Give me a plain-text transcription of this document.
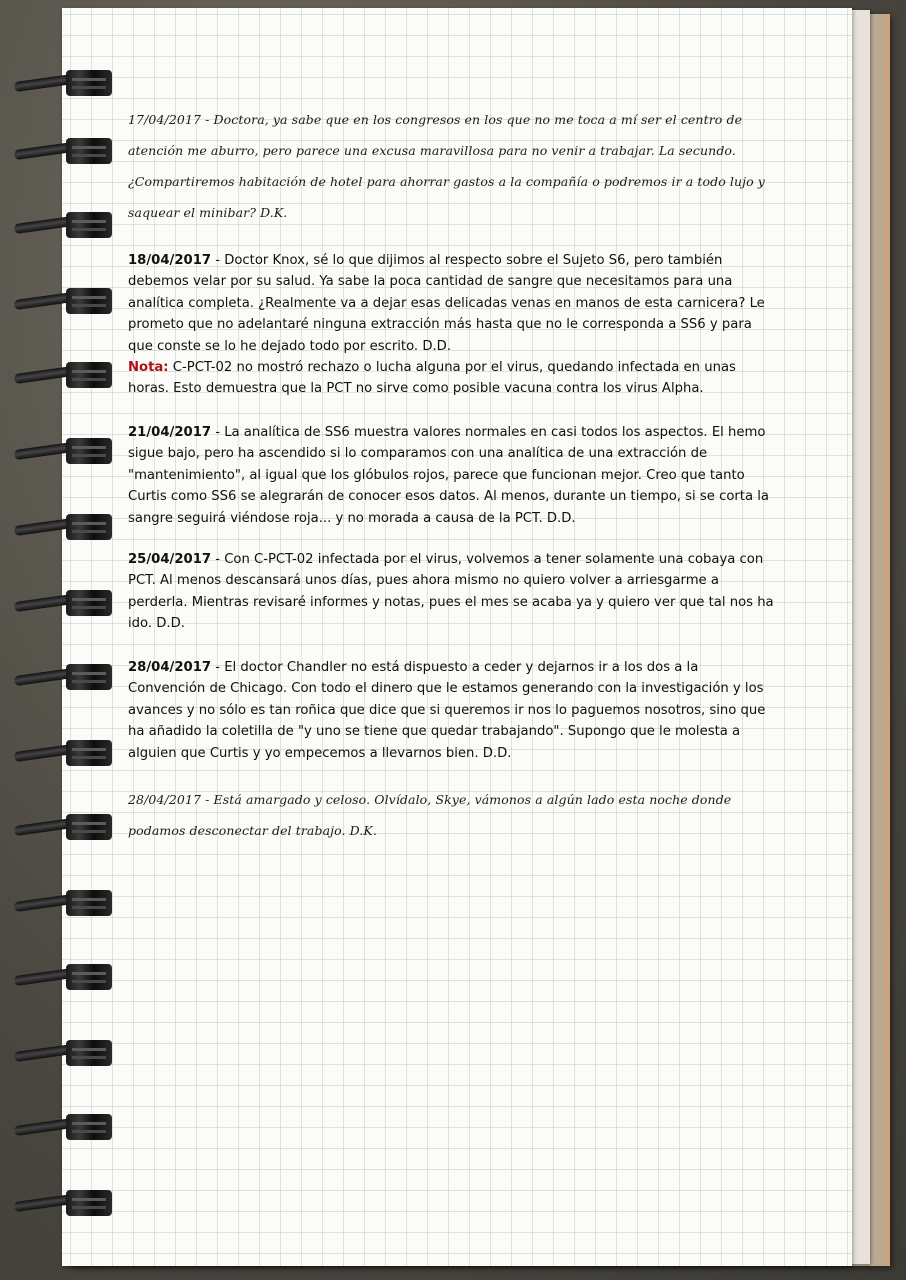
17/04/2017 - Doctora, ya sabe que en los congresos en los que no me toca a mí ser el centro de atención me aburro, pero parece una excusa maravillosa para no venir a trabajar. La secundo. ¿Compartiremos habitación de hotel para ahorrar gastos a la compañía o podremos ir a todo lujo y saquear el minibar? D.K.

18/04/2017 - Doctor Knox, sé lo que dijimos al respecto sobre el Sujeto S6, pero también debemos velar por su salud. Ya sabe la poca cantidad de sangre que necesitamos para una analítica completa. ¿Realmente va a dejar esas delicadas venas en manos de esta carnicera? Le prometo que no adelantaré ninguna extracción más hasta que no le corresponda a SS6 y para que conste se lo he dejado todo por escrito. D.D.
Nota: C-PCT-02 no mostró rechazo o lucha alguna por el virus, quedando infectada en unas horas. Esto demuestra que la PCT no sirve como posible vacuna contra los virus Alpha.

21/04/2017 - La analítica de SS6 muestra valores normales en casi todos los aspectos. El hemo sigue bajo, pero ha ascendido si lo comparamos con una analítica de una extracción de "mantenimiento", al igual que los glóbulos rojos, parece que funcionan mejor. Creo que tanto Curtis como SS6 se alegrarán de conocer esos datos. Al menos, durante un tiempo, si se corta la sangre seguirá viéndose roja... y no morada a causa de la PCT. D.D.

25/04/2017 - Con C-PCT-02 infectada por el virus, volvemos a tener solamente una cobaya con PCT. Al menos descansará unos días, pues ahora mismo no quiero volver a arriesgarme a perderla. Mientras revisaré informes y notas, pues el mes se acaba ya y quiero ver que tal nos ha ido. D.D.

28/04/2017 - El doctor Chandler no está dispuesto a ceder y dejarnos ir a los dos a la Convención de Chicago. Con todo el dinero que le estamos generando con la investigación y los avances y no sólo es tan roñica que dice que si queremos ir nos lo paguemos nosotros, sino que ha añadido la coletilla de "y uno se tiene que quedar trabajando". Supongo que le molesta a alguien que Curtis y yo empecemos a llevarnos bien. D.D.

28/04/2017 - Está amargado y celoso. Olvídalo, Skye, vámonos a algún lado esta noche donde podamos desconectar del trabajo. D.K.
